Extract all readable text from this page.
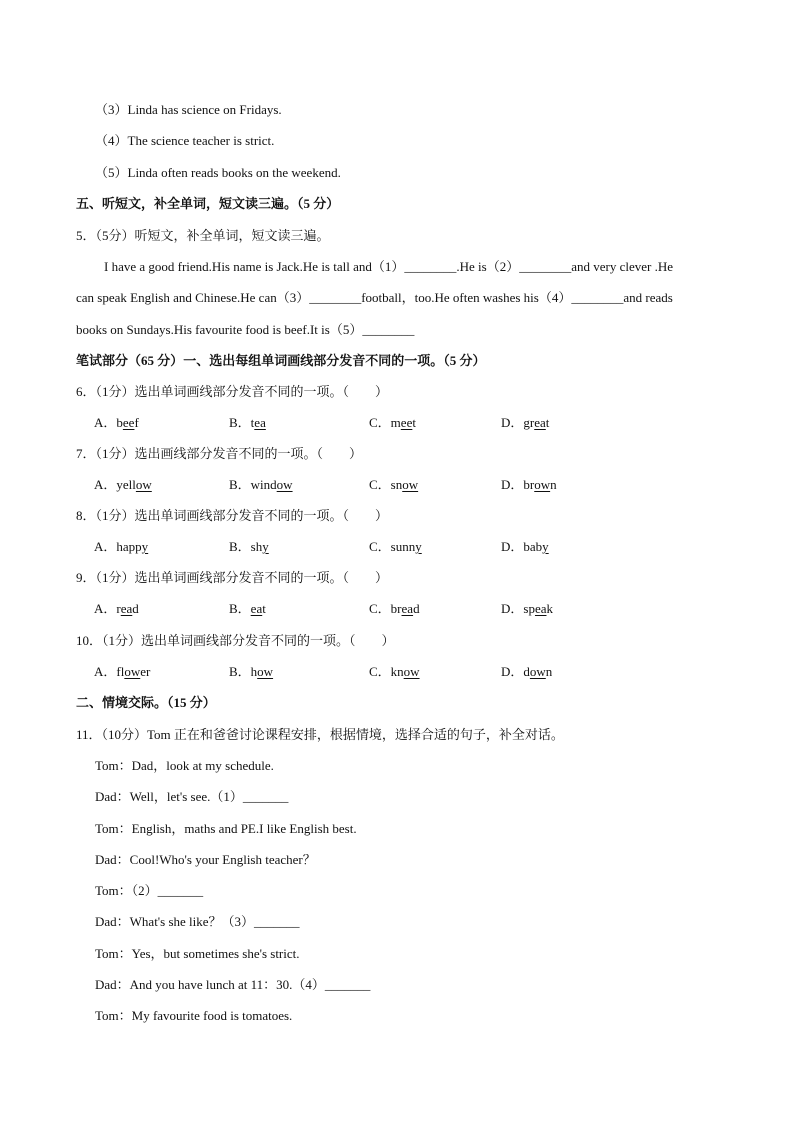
（3）Linda has science on Fridays.
（4）The science teacher is strict.
（5）Linda often reads books on the weekend.
五、听短文，补全单词，短文读三遍。（5 分）
5．（5分）听短文，补全单词，短文读三遍。
I have a good friend.His name is Jack.He is tall and（1）________.He is（2）________and very clever .He
can speak English and Chinese.He can（3）________football，too.He often washes his（4）________and reads
books on Sundays.His favourite food is beef.It is（5）________
笔试部分（65 分）一、选出每组单词画线部分发音不同的一项。（5 分）
6．（1分）选出单词画线部分发音不同的一项。（　　）
A．beef	B．tea	C．meet	D．great
7．（1分）选出画线部分发音不同的一项。（　　）
A．yellow	B．window	C．snow	D．brown
8．（1分）选出单词画线部分发音不同的一项。（　　）
A．happy	B．shy	C．sunny	D．baby
9．（1分）选出单词画线部分发音不同的一项。（　　）
A．read	B．eat	C．bread	D．speak
10．（1分）选出单词画线部分发音不同的一项。（　　）
A．flower	B．how	C．know	D．down
二、情境交际。（15 分）
11．（10分）Tom 正在和爸爸讨论课程安排，根据情境，选择合适的句子，补全对话。
Tom：Dad，look at my schedule.
Dad：Well，let's see.（1）_______
Tom：English，maths and PE.I like English best.
Dad：Cool!Who's your English teacher？
Tom：（2）_______
Dad：What's she like？（3）_______
Tom：Yes，but sometimes she's strict.
Dad：And you have lunch at 11：30.（4）_______
Tom：My favourite food is tomatoes.
